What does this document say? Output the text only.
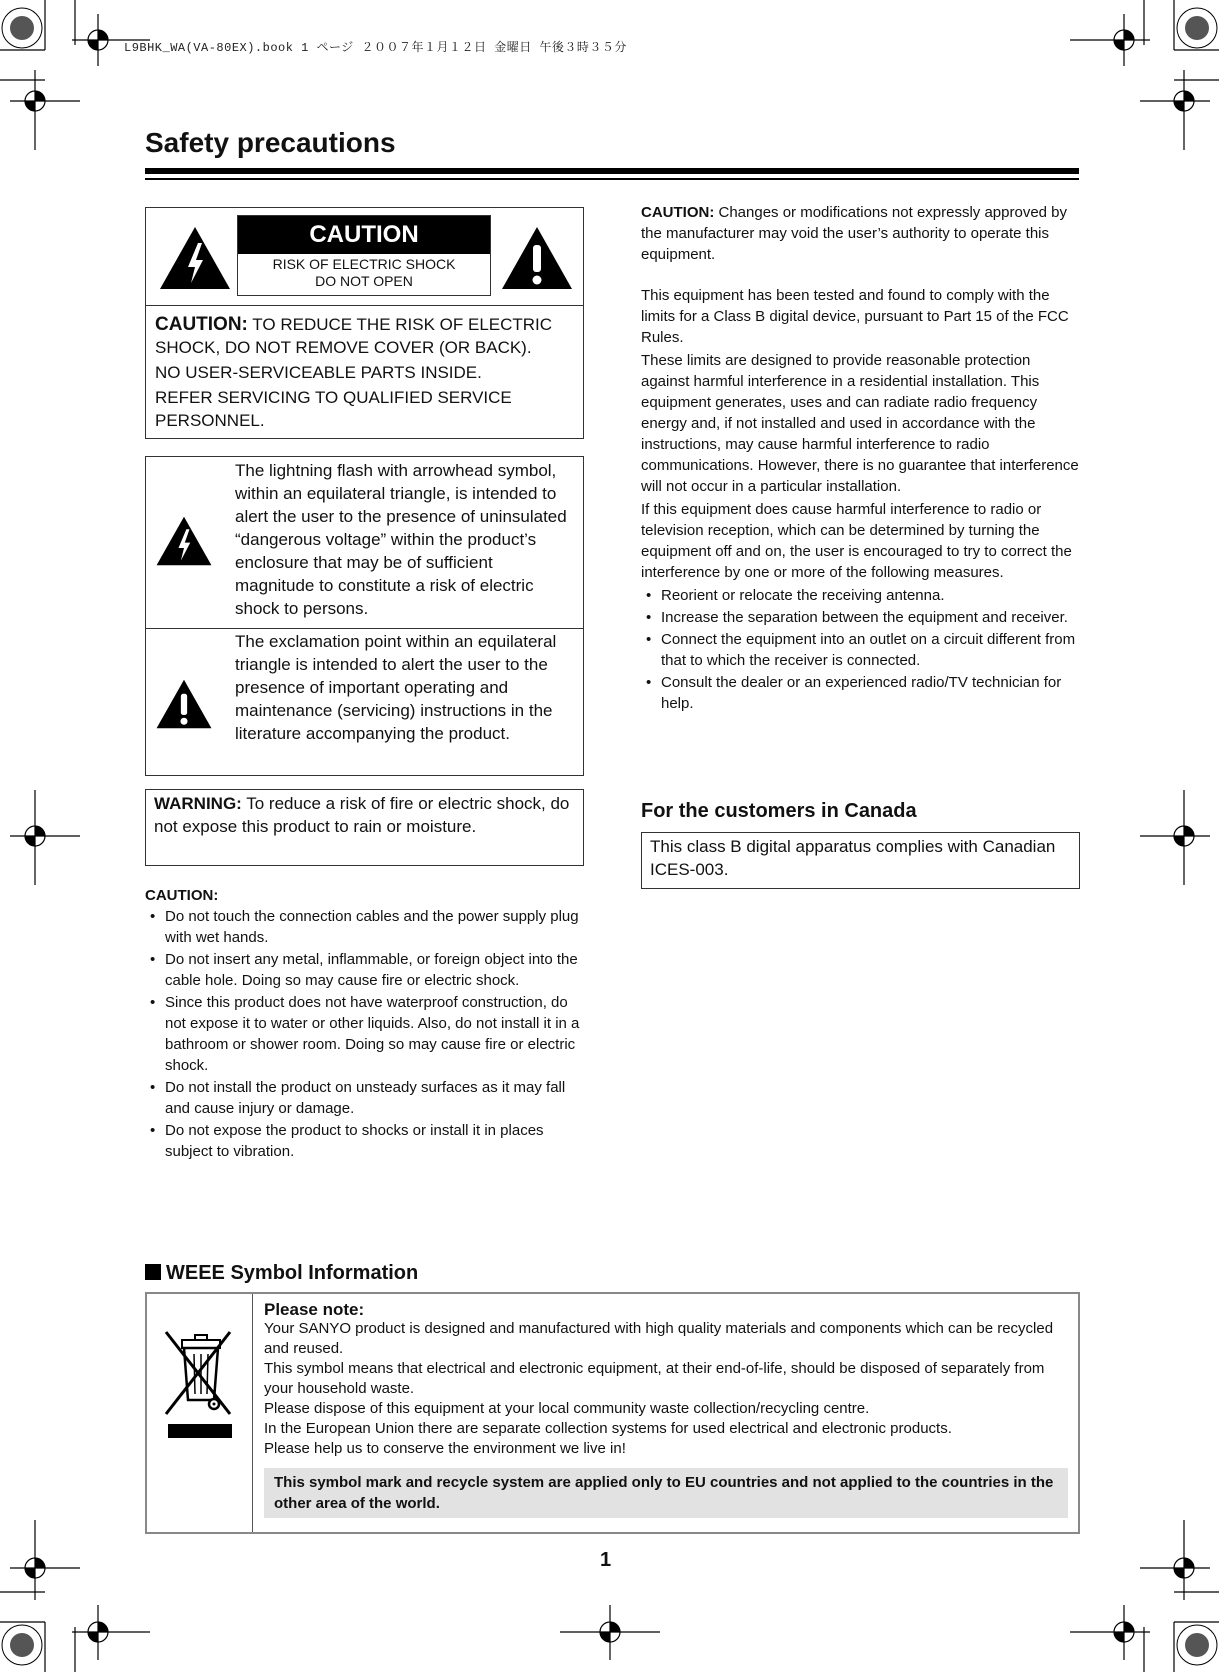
L9BHK_WA(VA-80EX).book 1 ページ ２００７年１月１２日 金曜日 午後３時３５分
Safety precautions
CAUTION
RISK OF ELECTRIC SHOCK
DO NOT OPEN
CAUTION: TO REDUCE THE RISK OF ELECTRIC SHOCK, DO NOT REMOVE COVER (OR BACK).
NO USER-SERVICEABLE PARTS INSIDE.
REFER SERVICING TO QUALIFIED SERVICE PERSONNEL.
The lightning flash with arrowhead symbol, within an equilateral triangle, is intended to alert the user to the presence of uninsulated “dangerous voltage” within the product’s enclosure that may be of sufficient magnitude to constitute a risk of electric shock to persons.
The exclamation point within an equilateral triangle is intended to alert the user to the presence of important operating and maintenance (servicing) instructions in the literature accompanying the product.
WARNING: To reduce a risk of fire or electric shock, do not expose this product to rain or moisture.
CAUTION:
• Do not touch the connection cables and the power supply plug with wet hands.
• Do not insert any metal, inflammable, or foreign object into the cable hole. Doing so may cause fire or electric shock.
• Since this product does not have waterproof construction, do not expose it to water or other liquids. Also, do not install it in a bathroom or shower room. Doing so may cause fire or electric shock.
• Do not install the product on unsteady surfaces as it may fall and cause injury or damage.
• Do not expose the product to shocks or install it in places subject to vibration.
CAUTION: Changes or modifications not expressly approved by the manufacturer may void the user’s authority to operate this equipment.
This equipment has been tested and found to comply with the limits for a Class B digital device, pursuant to Part 15 of the FCC Rules.
These limits are designed to provide reasonable protection against harmful interference in a residential installation. This equipment generates, uses and can radiate radio frequency energy and, if not installed and used in accordance with the instructions, may cause harmful interference to radio communications. However, there is no guarantee that interference will not occur in a particular installation.
If this equipment does cause harmful interference to radio or television reception, which can be determined by turning the equipment off and on, the user is encouraged to try to correct the interference by one or more of the following measures.
• Reorient or relocate the receiving antenna.
• Increase the separation between the equipment and receiver.
• Connect the equipment into an outlet on a circuit different from that to which the receiver is connected.
• Consult the dealer or an experienced radio/TV technician for help.
For the customers in Canada
This class B digital apparatus complies with Canadian ICES-003.
WEEE Symbol Information
Please note:
Your SANYO product is designed and manufactured with high quality materials and components which can be recycled and reused.
This symbol means that electrical and electronic equipment, at their end-of-life, should be disposed of separately from your household waste.
Please dispose of this equipment at your local community waste collection/recycling centre.
In the European Union there are separate collection systems for used electrical and electronic products.
Please help us to conserve the environment we live in!
This symbol mark and recycle system are applied only to EU countries and not applied to the countries in the other area of the world.
1
